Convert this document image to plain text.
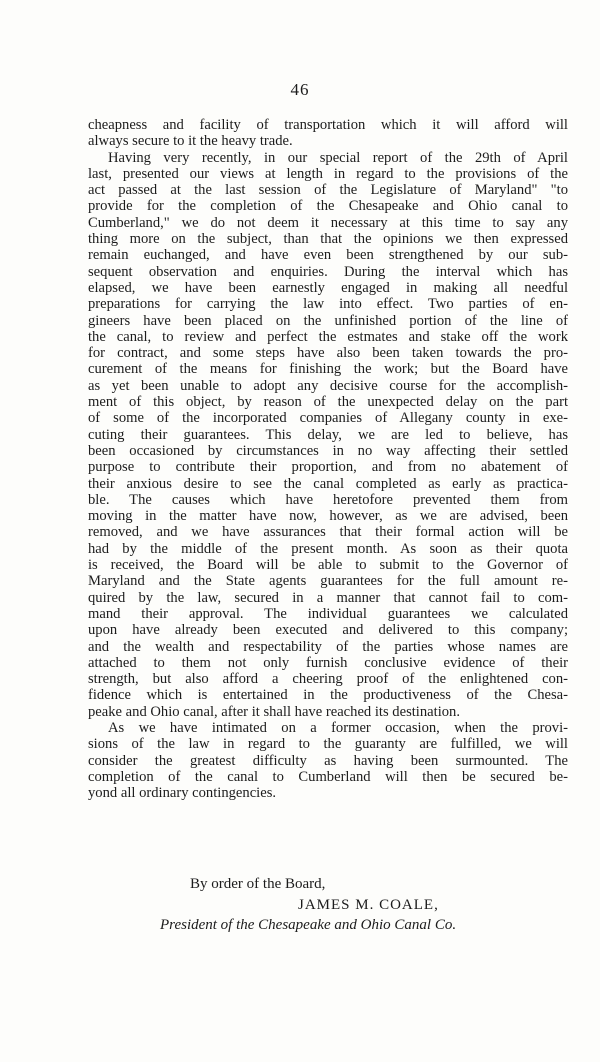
46
cheapness and facility of transportation which it will afford will
always secure to it the heavy trade.
Having very recently, in our special report of the 29th of April
last, presented our views at length in regard to the provisions of the
act passed at the last session of the Legislature of Maryland" "to
provide for the completion of the Chesapeake and Ohio canal to
Cumberland," we do not deem it necessary at this time to say any
thing more on the subject, than that the opinions we then expressed
remain euchanged, and have even been strengthened by our sub-
sequent observation and enquiries. During the interval which has
elapsed, we have been earnestly engaged in making all needful
preparations for carrying the law into effect. Two parties of en-
gineers have been placed on the unfinished portion of the line of
the canal, to review and perfect the estmates and stake off the work
for contract, and some steps have also been taken towards the pro-
curement of the means for finishing the work; but the Board have
as yet been unable to adopt any decisive course for the accomplish-
ment of this object, by reason of the unexpected delay on the part
of some of the incorporated companies of Allegany county in exe-
cuting their guarantees. This delay, we are led to believe, has
been occasioned by circumstances in no way affecting their settled
purpose to contribute their proportion, and from no abatement of
their anxious desire to see the canal completed as early as practica-
ble. The causes which have heretofore prevented them from
moving in the matter have now, however, as we are advised, been
removed, and we have assurances that their formal action will be
had by the middle of the present month. As soon as their quota
is received, the Board will be able to submit to the Governor of
Maryland and the State agents guarantees for the full amount re-
quired by the law, secured in a manner that cannot fail to com-
mand their approval. The individual guarantees we calculated
upon have already been executed and delivered to this company;
and the wealth and respectability of the parties whose names are
attached to them not only furnish conclusive evidence of their
strength, but also afford a cheering proof of the enlightened con-
fidence which is entertained in the productiveness of the Chesa-
peake and Ohio canal, after it shall have reached its destination.
As we have intimated on a former occasion, when the provi-
sions of the law in regard to the guaranty are fulfilled, we will
consider the greatest difficulty as having been surmounted. The
completion of the canal to Cumberland will then be secured be-
yond all ordinary contingencies.
By order of the Board,
JAMES M. COALE,
President of the Chesapeake and Ohio Canal Co.
